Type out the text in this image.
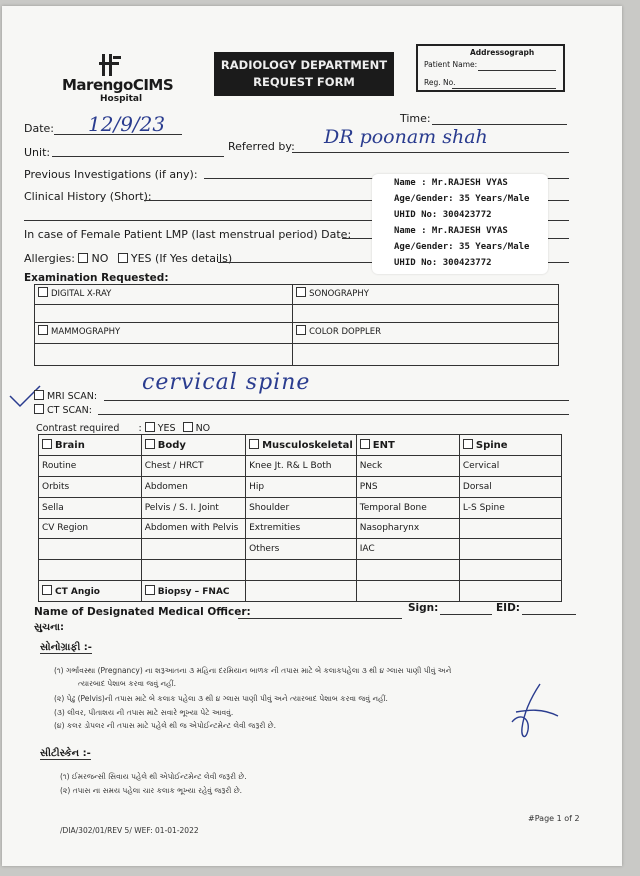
MarengoCIMS
Hospital
RADIOLOGY DEPARTMENT
REQUEST FORM
Addressograph
Patient Name:
Reg. No.
Time:
Date: 12/9/23
Unit:	Referred by: DR poonam shah
Previous Investigations (if any):
Clinical History (Short):
In case of Female Patient LMP (last menstrual period) Date:
Allergies: NO YES (If Yes details)
Name : Mr.RAJESH VYAS
Age/Gender: 35 Years/Male
UHID No: 300423772
Name : Mr.RAJESH VYAS
Age/Gender: 35 Years/Male
UHID No: 300423772
Examination Requested:
DIGITAL X-RAY	SONOGRAPHY

MAMMOGRAPHY	COLOR DOPPLER

MRI SCAN:
cervical spine
CT SCAN:
Contrast required : YES NO
Brain	Body	Musculoskeletal	ENT	Spine
Routine	Chest / HRCT	Knee Jt. R& L Both	Neck	Cervical
Orbits	Abdomen	Hip	PNS	Dorsal
Sella	Pelvis / S. I. Joint	Shoulder	Temporal Bone	L-S Spine
CV Region	Abdomen with Pelvis	Extremities	Nasopharynx	
		Others	IAC	

CT Angio	Biopsy – FNAC			
Name of Designated Medical Officer:	Sign:	EID:
સુચના:
સોનોગ્રાફી :-
(૧) ગર્ભાવસ્થા (Pregnancy) ના શરૂઆતના ૩ મહિના દરમિયાન બાળક ની તપાસ માટે બે કલાકપહેલા ૩ થી ૪ ગ્લાસ પાણી પીવું અને
ત્યારબાદ પેશાબ કરવા જવું નહીં.
(૨) પેઢુ (Pelvis)ની તપાસ માટે બે કલાક પહેલા ૩ થી ૪ ગ્લાસ પાણી પીવું અને ત્યારબાદ પેશાબ કરવા જવું નહીં.
(૩) લીવર, પીતાશય ની તપાસ માટે સવારે ભૂખ્યા પેટે આવવું.
(૪) કલર ડોપલર ની તપાસ માટે પહેલે થી જ એપોઈન્ટમેન્ટ લેવી જરૂરી છે.
સીટીસ્કેન :-
(૧) ઈમરજન્સી સિવાય પહેલે થી એપોઈન્ટમેન્ટ લેવી જરૂરી છે.
(૨) તપાસ ના સમય પહેલા ચાર કલાક ભૂખ્યા રહેવું જરૂરી છે.
/DIA/302/01/REV 5/ WEF: 01-01-2022
#Page 1 of 2
